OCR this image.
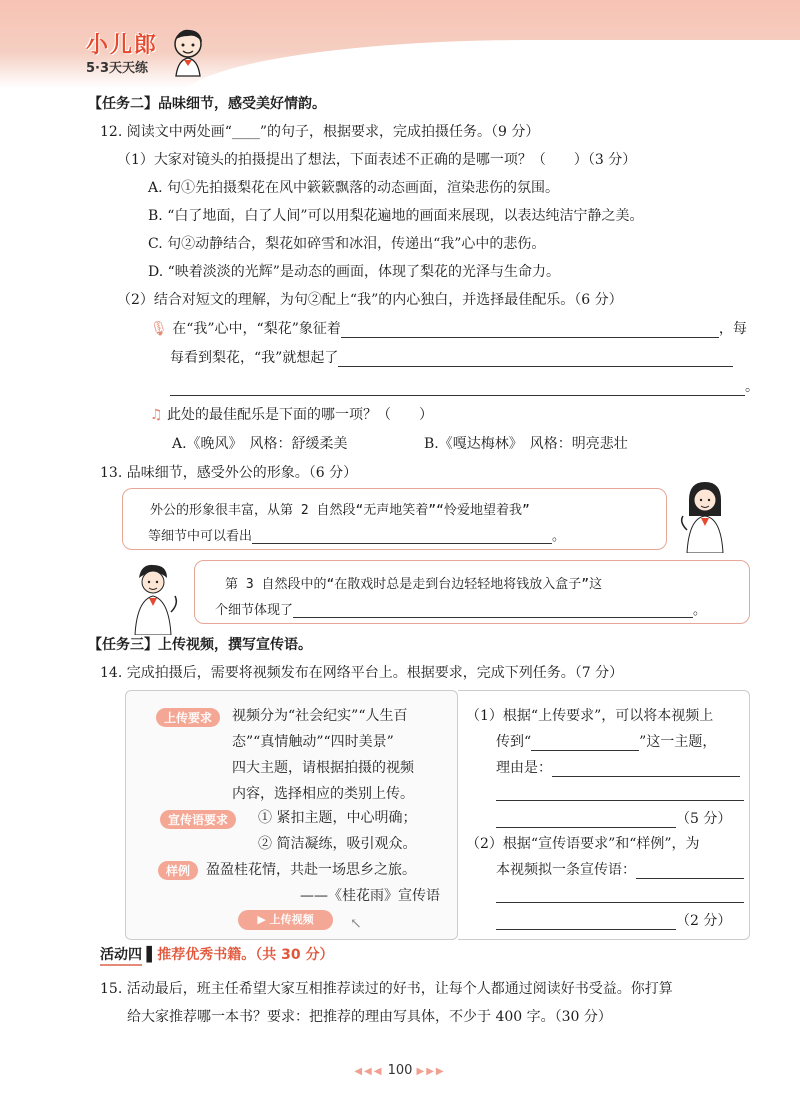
小儿郎
5·3天天练
【任务二】品味细节，感受美好情韵。
12. 阅读文中两处画“____”的句子，根据要求，完成拍摄任务。（9 分）
（1）大家对镜头的拍摄提出了想法，下面表述不正确的是哪一项？（　　）（3 分）
A. 句①先拍摄梨花在风中簌簌飘落的动态画面，渲染悲伤的氛围。
B. “白了地面，白了人间”可以用梨花遍地的画面来展现，以表达纯洁宁静之美。
C. 句②动静结合，梨花如碎雪和冰泪，传递出“我”心中的悲伤。
D. “映着淡淡的光辉”是动态的画面，体现了梨花的光泽与生命力。
（2）结合对短文的理解，为句②配上“我”的内心独白，并选择最佳配乐。（6 分）
🎙 在“我”心中，“梨花”象征着	，每
每看到梨花，“我”就想起了
。
♫ 此处的最佳配乐是下面的哪一项？（　　）
A.《晚风》　风格：舒缓柔美	B.《嘎达梅林》　风格：明亮悲壮
13. 品味细节，感受外公的形象。（6 分）
外公的形象很丰富，从第 2 自然段“无声地笑着”“怜爱地望着我”
等细节中可以看出	。
第 3 自然段中的“在散戏时总是走到台边轻轻地将钱放入盒子”这
个细节体现了	。
【任务三】上传视频，撰写宣传语。
14. 完成拍摄后，需要将视频发布在网络平台上。根据要求，完成下列任务。（7 分）
上传要求	视频分为“社会纪实”“人生百
态”“真情触动”“四时美景”
四大主题，请根据拍摄的视频
内容，选择相应的类别上传。
宣传语要求	① 紧扣主题，中心明确；
② 简洁凝练，吸引观众。
样例	盈盈桂花情，共赴一场思乡之旅。
——《桂花雨》宣传语
▶ 上传视频	↖
（1）根据“上传要求”，可以将本视频上
传到“	”这一主题，
理由是：
（5 分）
（2）根据“宣传语要求”和“样例”，为
本视频拟一条宣传语：
（2 分）
活动四 ▌推荐优秀书籍。（共 30 分）
15. 活动最后，班主任希望大家互相推荐读过的好书，让每个人都通过阅读好书受益。你打算
给大家推荐哪一本书？要求：把推荐的理由写具体，不少于 400 字。（30 分）
◀◀◀ 100 ▶▶▶
